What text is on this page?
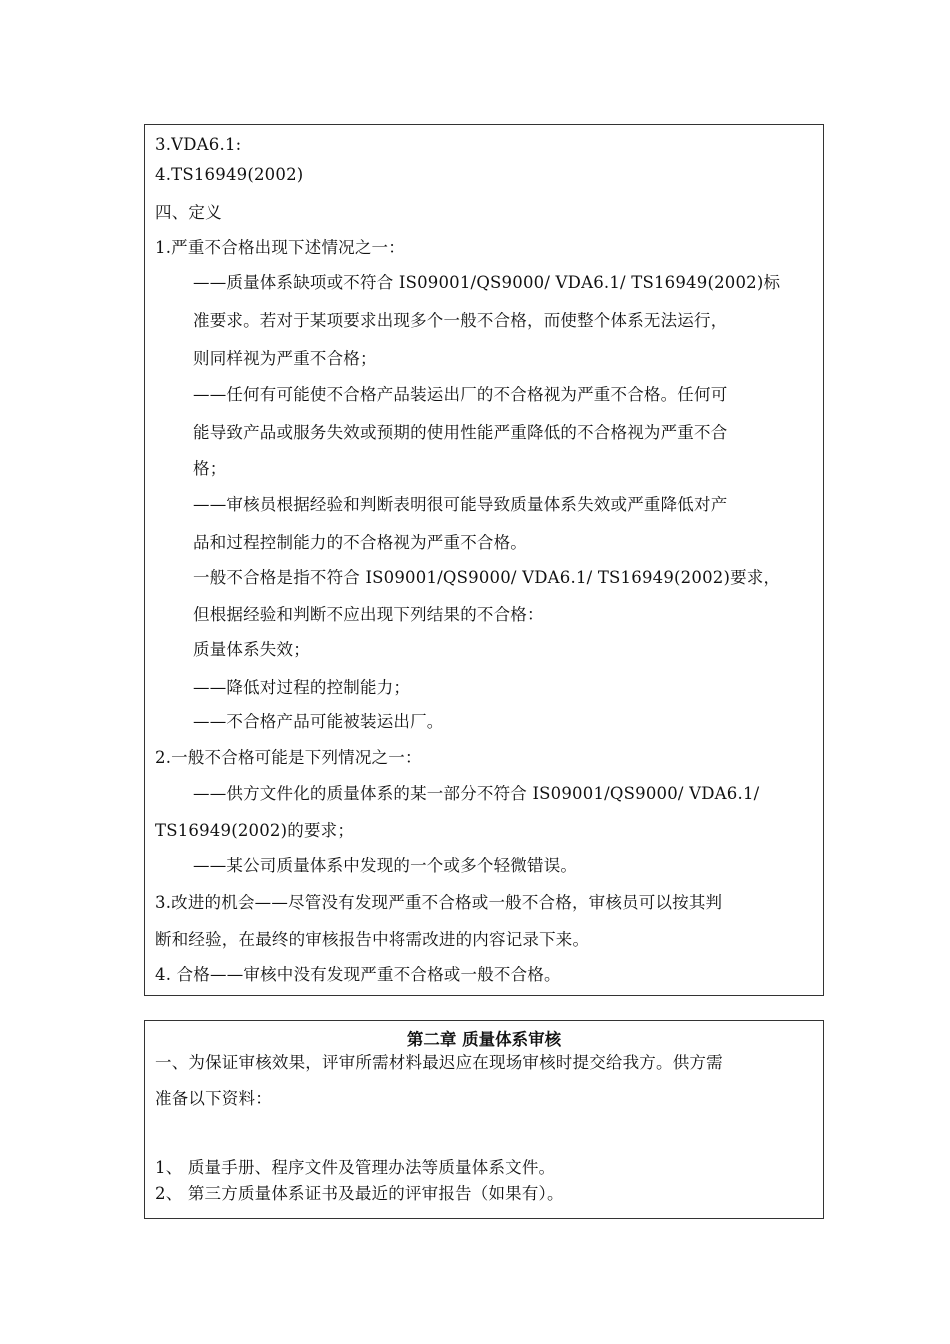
3.VDA6.1:
4.TS16949(2002)
四、定义
1.严重不合格出现下述情况之一：
——质量体系缺项或不符合 IS09001/QS9000/ VDA6.1/ TS16949(2002)标
准要求。若对于某项要求出现多个一般不合格，而使整个体系无法运行，
则同样视为严重不合格；
——任何有可能使不合格产品装运出厂的不合格视为严重不合格。任何可
能导致产品或服务失效或预期的使用性能严重降低的不合格视为严重不合
格；
——审核员根据经验和判断表明很可能导致质量体系失效或严重降低对产
品和过程控制能力的不合格视为严重不合格。
一般不合格是指不符合 IS09001/QS9000/ VDA6.1/ TS16949(2002)要求，
但根据经验和判断不应出现下列结果的不合格：
质量体系失效；
——降低对过程的控制能力；
——不合格产品可能被装运出厂。
2.一般不合格可能是下列情况之一：
——供方文件化的质量体系的某一部分不符合 IS09001/QS9000/ VDA6.1/
TS16949(2002)的要求；
——某公司质量体系中发现的一个或多个轻微错误。
3.改进的机会——尽管没有发现严重不合格或一般不合格，审核员可以按其判
断和经验，在最终的审核报告中将需改进的内容记录下来。
4. 合格——审核中没有发现严重不合格或一般不合格。
第二章 质量体系审核
一、为保证审核效果，评审所需材料最迟应在现场审核时提交给我方。供方需
准备以下资料：
1、 质量手册、程序文件及管理办法等质量体系文件。
2、 第三方质量体系证书及最近的评审报告（如果有）。
